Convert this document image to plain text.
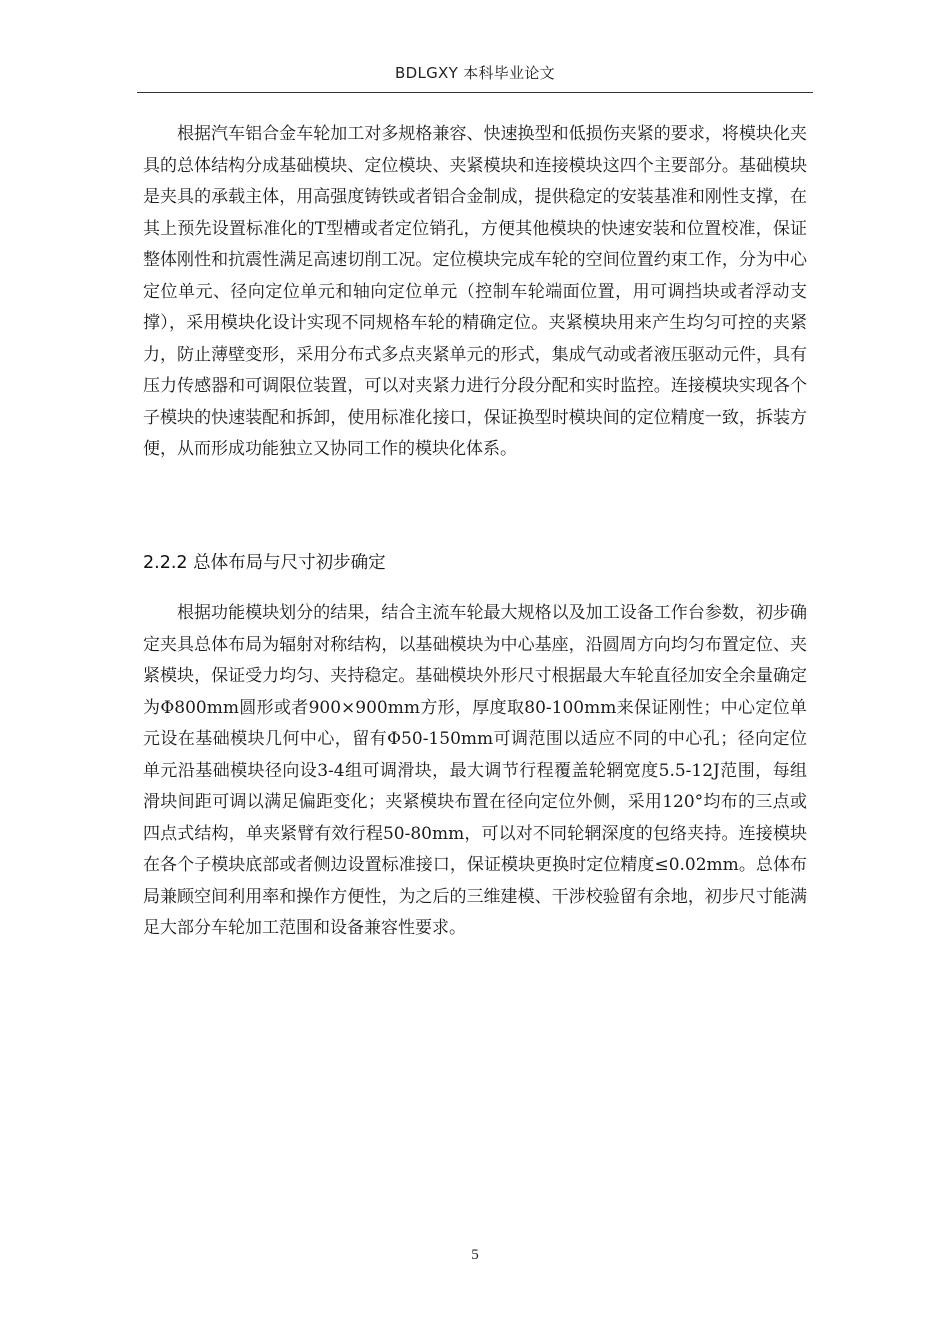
BDLGXY 本科毕业论文

根据汽车铝合金车轮加工对多规格兼容、快速换型和低损伤夹紧的要求，将模块化夹具的总体结构分成基础模块、定位模块、夹紧模块和连接模块这四个主要部分。基础模块是夹具的承载主体，用高强度铸铁或者铝合金制成，提供稳定的安装基准和刚性支撑，在其上预先设置标准化的T型槽或者定位销孔，方便其他模块的快速安装和位置校准，保证整体刚性和抗震性满足高速切削工况。定位模块完成车轮的空间位置约束工作，分为中心定位单元、径向定位单元和轴向定位单元（控制车轮端面位置，用可调挡块或者浮动支撑），采用模块化设计实现不同规格车轮的精确定位。夹紧模块用来产生均匀可控的夹紧力，防止薄壁变形，采用分布式多点夹紧单元的形式，集成气动或者液压驱动元件，具有压力传感器和可调限位装置，可以对夹紧力进行分段分配和实时监控。连接模块实现各个子模块的快速装配和拆卸，使用标准化接口，保证换型时模块间的定位精度一致，拆装方便，从而形成功能独立又协同工作的模块化体系。

2.2.2 总体布局与尺寸初步确定

根据功能模块划分的结果，结合主流车轮最大规格以及加工设备工作台参数，初步确定夹具总体布局为辐射对称结构，以基础模块为中心基座，沿圆周方向均匀布置定位、夹紧模块，保证受力均匀、夹持稳定。基础模块外形尺寸根据最大车轮直径加安全余量确定为Φ800mm圆形或者900×900mm方形，厚度取80-100mm来保证刚性；中心定位单元设在基础模块几何中心，留有Φ50-150mm可调范围以适应不同的中心孔；径向定位单元沿基础模块径向设3-4组可调滑块，最大调节行程覆盖轮辋宽度5.5-12J范围，每组滑块间距可调以满足偏距变化；夹紧模块布置在径向定位外侧，采用120°均布的三点或四点式结构，单夹紧臂有效行程50-80mm，可以对不同轮辋深度的包络夹持。连接模块在各个子模块底部或者侧边设置标准接口，保证模块更换时定位精度≤0.02mm。总体布局兼顾空间利用率和操作方便性，为之后的三维建模、干涉校验留有余地，初步尺寸能满足大部分车轮加工范围和设备兼容性要求。

5
